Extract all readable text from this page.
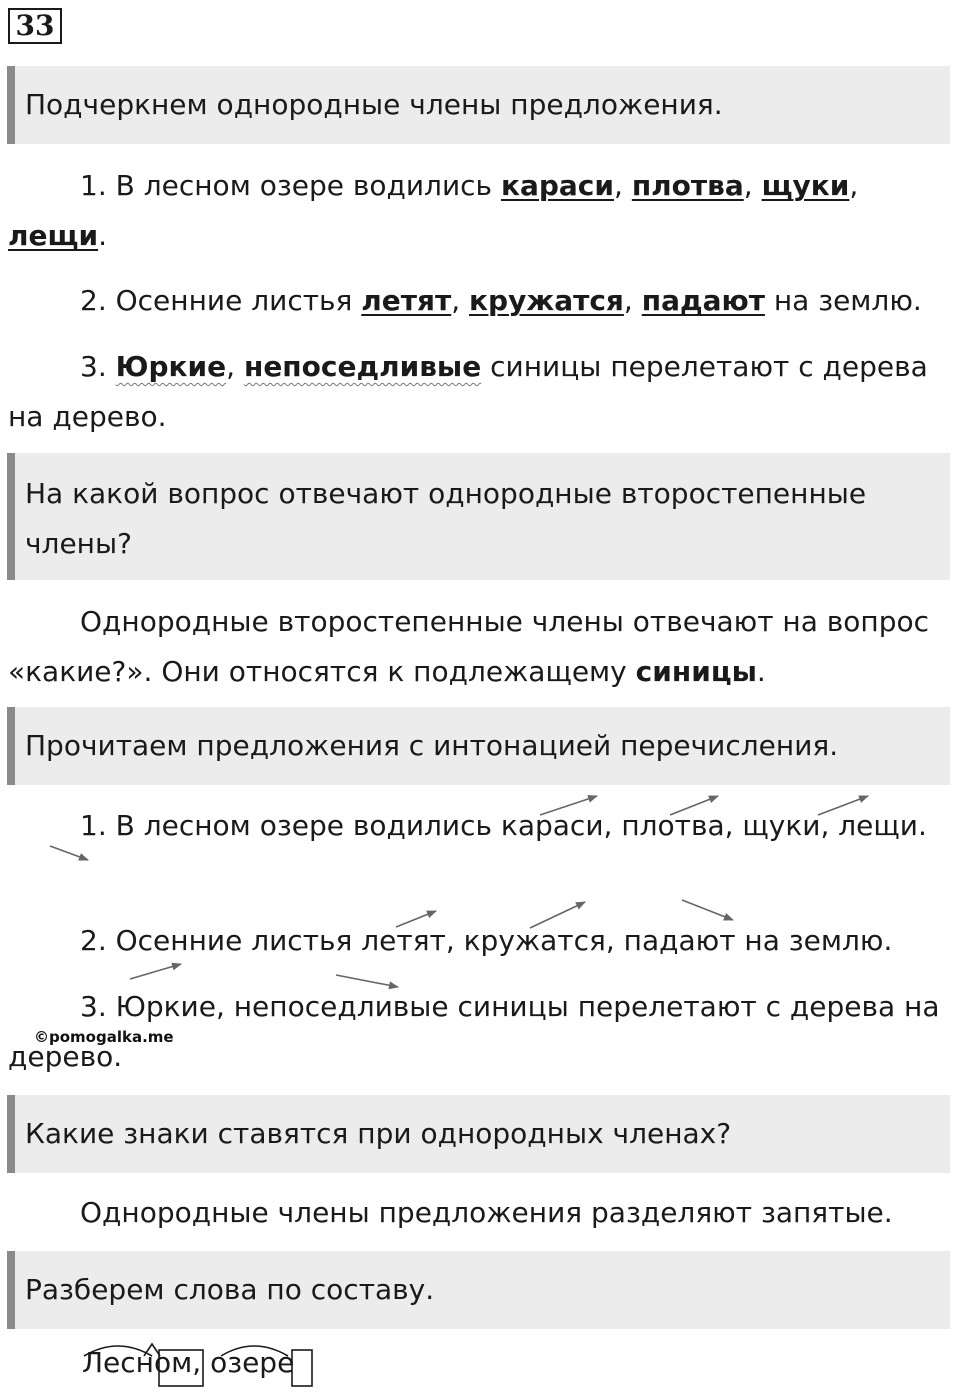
33
Подчеркнем однородные члены предложения.

1. В лесном озере водились караси, плотва, щуки, лещи.

2. Осенние листья летят, кружатся, падают на землю.

3. Юркие, непоседливые синицы перелетают с дерева на дерево.

На какой вопрос отвечают однородные второстепенные члены?

Однородные второстепенные члены отвечают на вопрос «какие?». Они относятся к подлежащему синицы.

Прочитаем предложения с интонацией перечисления.

1. В лесном озере водились караси, плотва, щуки, лещи.

2. Осенние листья летят, кружатся, падают на землю.

3. Юркие, непоседливые синицы перелетают с дерева на дерево.

©pomogalka.me
Какие знаки ставятся при однородных членах?

Однородные члены предложения разделяют запятые.

Разберем слова по составу.
Лесном, озере
